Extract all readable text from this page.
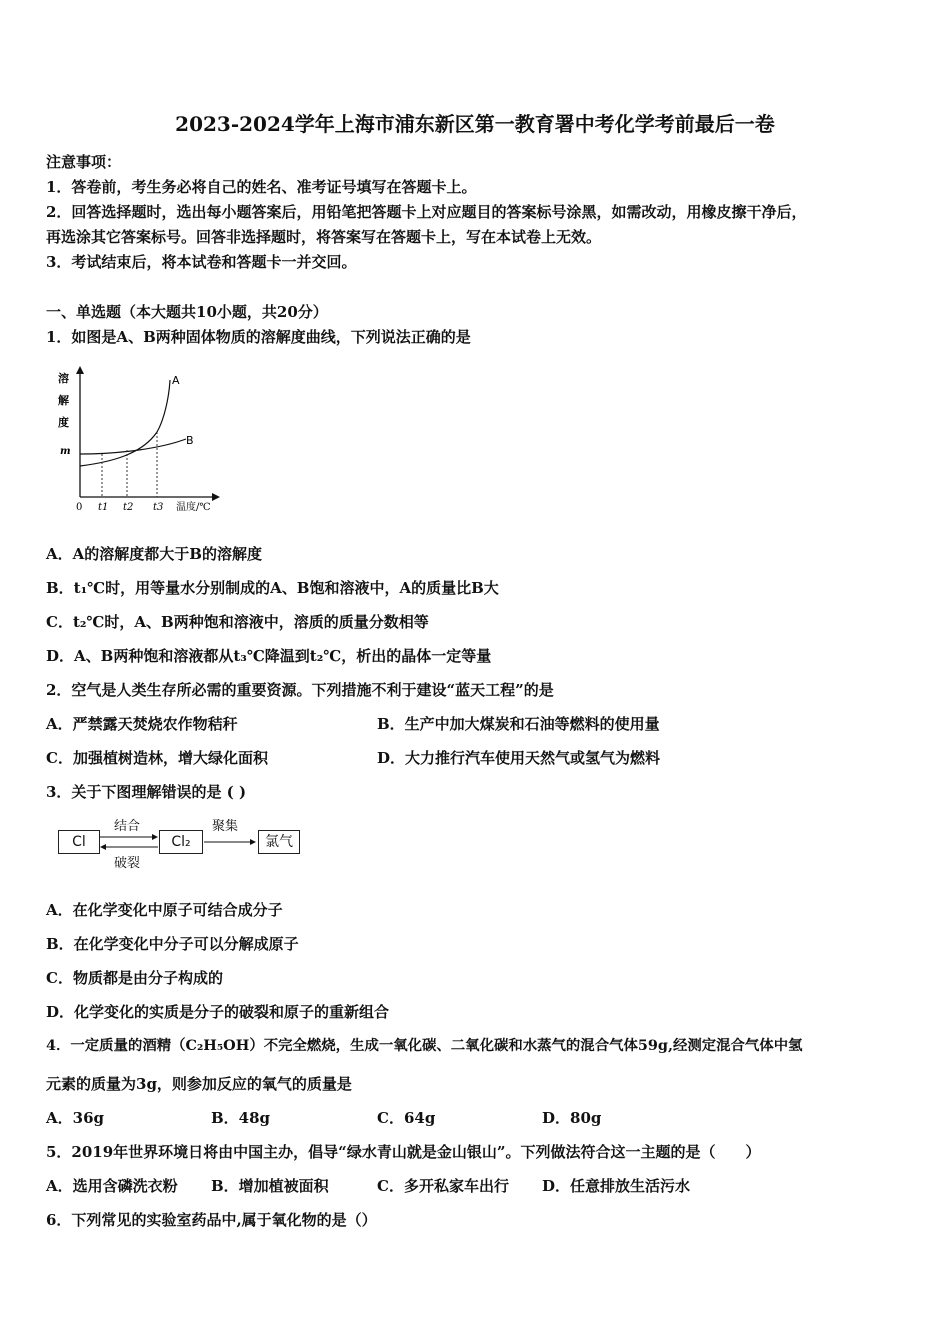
2023-2024学年上海市浦东新区第一教育署中考化学考前最后一卷
注意事项：
1．答卷前，考生务必将自己的姓名、准考证号填写在答题卡上。
2．回答选择题时，选出每小题答案后，用铅笔把答题卡上对应题目的答案标号涂黑，如需改动，用橡皮擦干净后，
再选涂其它答案标号。回答非选择题时，将答案写在答题卡上，写在本试卷上无效。
3．考试结束后，将本试卷和答题卡一并交回。
一、单选题（本大题共10小题，共20分）
1．如图是A、B两种固体物质的溶解度曲线，下列说法正确的是
溶
解
度
m
A
B
0 t1 t2 t3 温度/℃
A．A的溶解度都大于B的溶解度
B．t₁℃时，用等量水分别制成的A、B饱和溶液中，A的质量比B大
C．t₂℃时，A、B两种饱和溶液中，溶质的质量分数相等
D．A、B两种饱和溶液都从t₃℃降温到t₂℃，析出的晶体一定等量
2．空气是人类生存所必需的重要资源。下列措施不利于建设“蓝天工程”的是
A．严禁露天焚烧农作物秸秆	B．生产中加大煤炭和石油等燃料的使用量
C．加强植树造林，增大绿化面积	D．大力推行汽车使用天然气或氢气为燃料
3．关于下图理解错误的是 ( )
Cl	Cl₂	氯气
结合
破裂
聚集
A．在化学变化中原子可结合成分子
B．在化学变化中分子可以分解成原子
C．物质都是由分子构成的
D．化学变化的实质是分子的破裂和原子的重新组合
4．一定质量的酒精（C₂H₅OH）不完全燃烧，生成一氧化碳、二氧化碳和水蒸气的混合气体59g,经测定混合气体中氢
元素的质量为3g，则参加反应的氧气的质量是
A．36g	B．48g	C．64g	D．80g
5．2019年世界环境日将由中国主办，倡导“绿水青山就是金山银山”。下列做法符合这一主题的是（　　）
A．选用含磷洗衣粉 B．增加植被面积	C．多开私家车出行 D．任意排放生活污水
6．下列常见的实验室药品中,属于氧化物的是（）
